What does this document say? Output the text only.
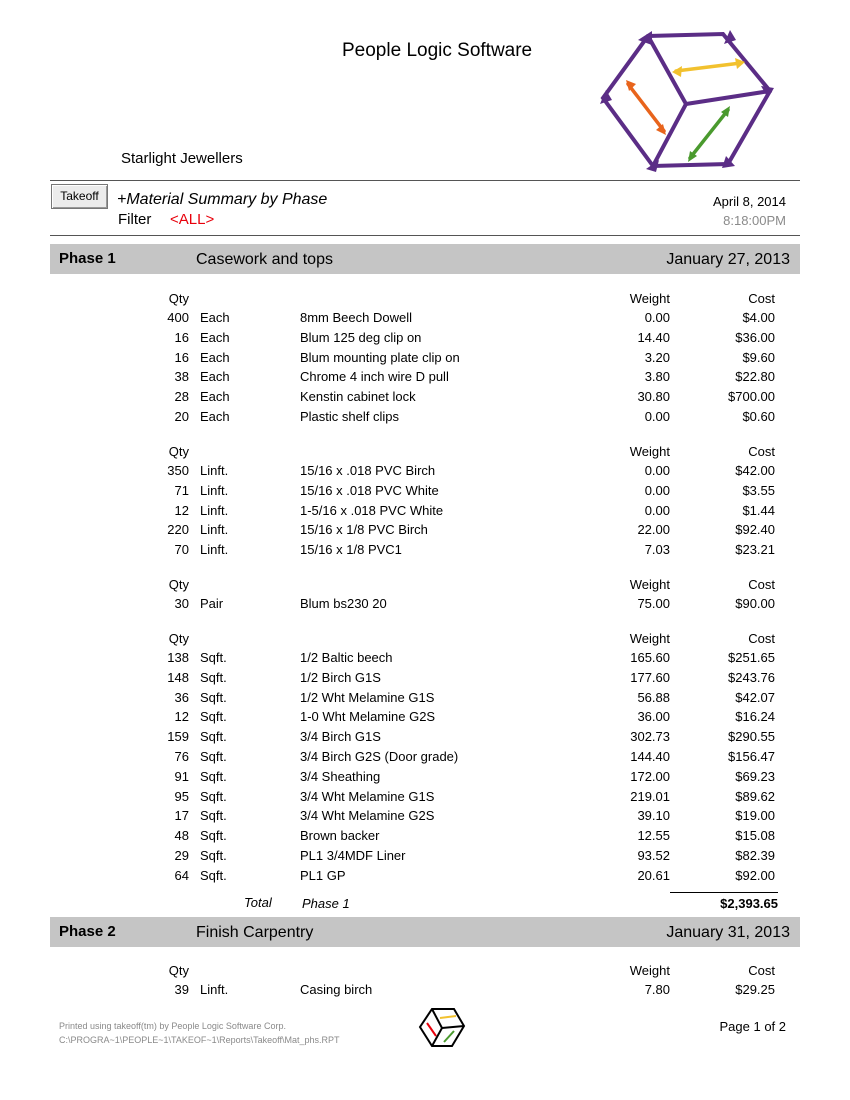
People Logic Software
Starlight Jewellers
Takeoff	+Material Summary by Phase
Filter <ALL>
April 8, 2014
8:18:00PM
Phase 1	Casework and tops	January 27, 2013
Qty	Weight	Cost
400 Each	8mm Beech Dowell	0.00	$4.00
16 Each	Blum 125 deg clip on	14.40	$36.00
16 Each	Blum mounting plate clip on	3.20	$9.60
38 Each	Chrome 4 inch wire D pull	3.80	$22.80
28 Each	Kenstin cabinet lock	30.80	$700.00
20 Each	Plastic shelf clips	0.00	$0.60
Qty	Weight	Cost
350 Linft.	15/16 x .018 PVC Birch	0.00	$42.00
71 Linft.	15/16 x .018 PVC White	0.00	$3.55
12 Linft.	1-5/16 x .018 PVC White	0.00	$1.44
220 Linft.	15/16 x 1/8 PVC Birch	22.00	$92.40
70 Linft.	15/16 x 1/8 PVC1	7.03	$23.21
Qty	Weight	Cost
30 Pair	Blum bs230 20	75.00	$90.00
Qty	Weight	Cost
138 Sqft.	1/2 Baltic beech	165.60	$251.65
148 Sqft.	1/2 Birch G1S	177.60	$243.76
36 Sqft.	1/2 Wht Melamine G1S	56.88	$42.07
12 Sqft.	1-0 Wht Melamine G2S	36.00	$16.24
159 Sqft.	3/4 Birch G1S	302.73	$290.55
76 Sqft.	3/4 Birch G2S (Door grade)	144.40	$156.47
91 Sqft.	3/4 Sheathing	172.00	$69.23
95 Sqft.	3/4 Wht Melamine G1S	219.01	$89.62
17 Sqft.	3/4 Wht Melamine G2S	39.10	$19.00
48 Sqft.	Brown backer	12.55	$15.08
29 Sqft.	PL1 3/4MDF Liner	93.52	$82.39
64 Sqft.	PL1 GP	20.61	$92.00
Total Phase 1	$2,393.65
Phase 2	Finish Carpentry	January 31, 2013
Qty	Weight	Cost
39 Linft.	Casing birch	7.80	$29.25
Printed using takeoff(tm) by People Logic Software Corp.
C:\PROGRA~1\PEOPLE~1\TAKEOF~1\Reports\Takeoff\Mat_phs.RPT
Page 1 of 2
